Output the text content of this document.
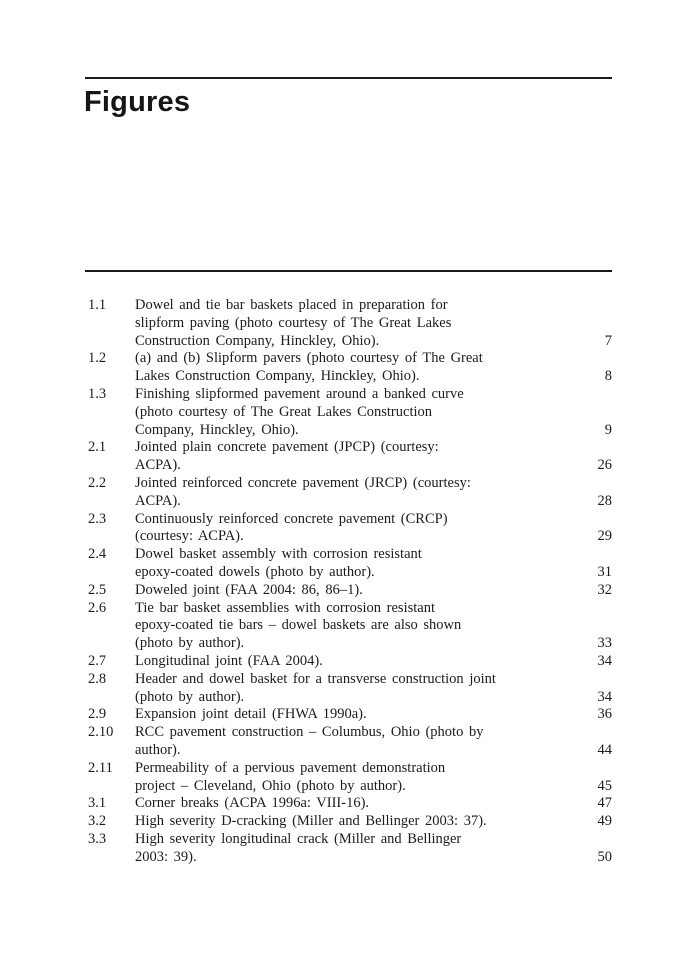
Figures
1.1	Dowel and tie bar baskets placed in preparation for
slipform paving (photo courtesy of The Great Lakes
Construction Company, Hinckley, Ohio).	7
1.2	(a) and (b) Slipform pavers (photo courtesy of The Great
Lakes Construction Company, Hinckley, Ohio).	8
1.3	Finishing slipformed pavement around a banked curve
(photo courtesy of The Great Lakes Construction
Company, Hinckley, Ohio).	9
2.1	Jointed plain concrete pavement (JPCP) (courtesy:
ACPA).	26
2.2	Jointed reinforced concrete pavement (JRCP) (courtesy:
ACPA).	28
2.3	Continuously reinforced concrete pavement (CRCP)
(courtesy: ACPA).	29
2.4	Dowel basket assembly with corrosion resistant
epoxy-coated dowels (photo by author).	31
2.5	Doweled joint (FAA 2004: 86, 86–1).	32
2.6	Tie bar basket assemblies with corrosion resistant
epoxy-coated tie bars – dowel baskets are also shown
(photo by author).	33
2.7	Longitudinal joint (FAA 2004).	34
2.8	Header and dowel basket for a transverse construction joint
(photo by author).	34
2.9	Expansion joint detail (FHWA 1990a).	36
2.10	RCC pavement construction – Columbus, Ohio (photo by
author).	44
2.11	Permeability of a pervious pavement demonstration
project – Cleveland, Ohio (photo by author).	45
3.1	Corner breaks (ACPA 1996a: VIII-16).	47
3.2	High severity D-cracking (Miller and Bellinger 2003: 37).	49
3.3	High severity longitudinal crack (Miller and Bellinger
2003: 39).	50
